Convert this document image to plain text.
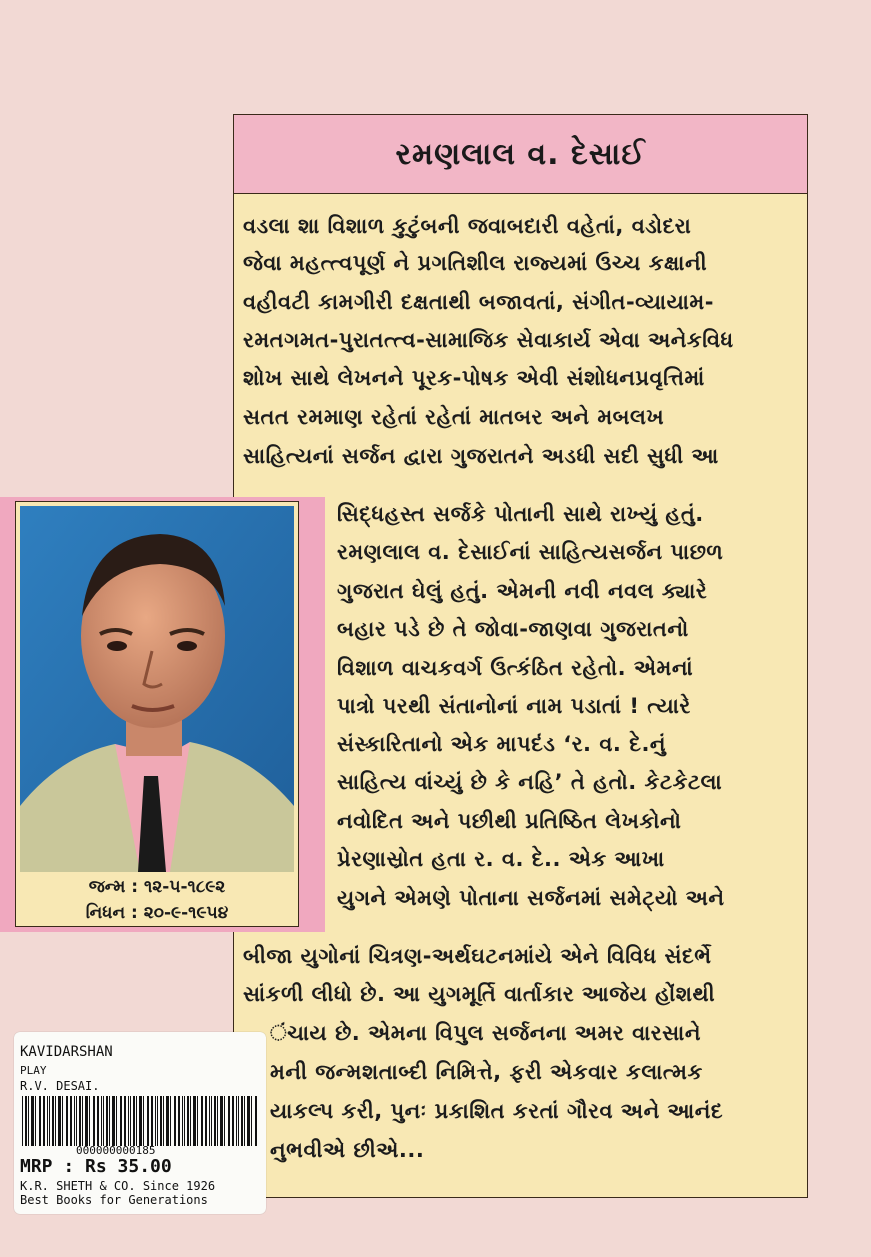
રમણલાલ વ. દેસાઈ
વડલા શા વિશાળ કુટુંબની જવાબદારી વહેતાં, વડોદરા
જેવા મહત્ત્વપૂર્ણ ને પ્રગતિશીલ રાજ્યમાં ઉચ્ચ કક્ષાની
વહીવટી કામગીરી દક્ષતાથી બજાવતાં, સંગીત-વ્યાયામ-
રમતગમત-પુરાતત્ત્વ-સામાજિક સેવાકાર્ય એવા અનેકવિધ
શોખ સાથે લેખનને પૂરક-પોષક એવી સંશોધનપ્રવૃત્તિમાં
સતત રમમાણ રહેતાં રહેતાં માતબર અને મબલખ
સાહિત્યનાં સર્જન દ્વારા ગુજરાતને અડધી સદી સુધી આ
સિદ્ધહસ્ત સર્જકે પોતાની સાથે રાખ્યું હતું.
રમણલાલ વ. દેસાઈનાં સાહિત્યસર્જન પાછળ
ગુજરાત ઘેલું હતું. એમની નવી નવલ ક્યારે
બહાર પડે છે તે જોવા-જાણવા ગુજરાતનો
વિશાળ વાચકવર્ગ ઉત્કંઠિત રહેતો. એમનાં
પાત્રો પરથી સંતાનોનાં નામ પડાતાં ! ત્યારે
સંસ્કારિતાનો એક માપદંડ ‘ર. વ. દે.નું
સાહિત્ય વાંચ્યું છે કે નહિ’ તે હતો. કેટકેટલા
નવોદિત અને પછીથી પ્રતિષ્ઠિત લેખકોનો
પ્રેરણાસ્રોત હતા ર. વ. દે.. એક આખા
યુગને એમણે પોતાના સર્જનમાં સમેટ્યો અને
બીજા યુગોનાં ચિત્રણ-અર્થઘટનમાંયે એને વિવિધ સંદર્ભે
સાંકળી લીધો છે. આ યુગમૂર્તિ વાર્તાકાર આજેય હોંશથી
ંચાય છે. એમના વિપુલ સર્જનના અમર વારસાને
મની જન્મશતાબ્દી નિમિત્તે, ફરી એકવાર કલાત્મક
યાકલ્પ કરી, પુનઃ પ્રકાશિત કરતાં ગૌરવ અને આનંદ
નુભવીએ છીએ...
જન્મ : ૧૨-૫-૧૮૯૨
નિધન : ૨૦-૯-૧૯૫૪
KAVIDARSHAN
PLAY
R.V. DESAI.
000000000185
MRP : Rs 35.00
K.R. SHETH & CO. Since 1926
Best Books for Generations
